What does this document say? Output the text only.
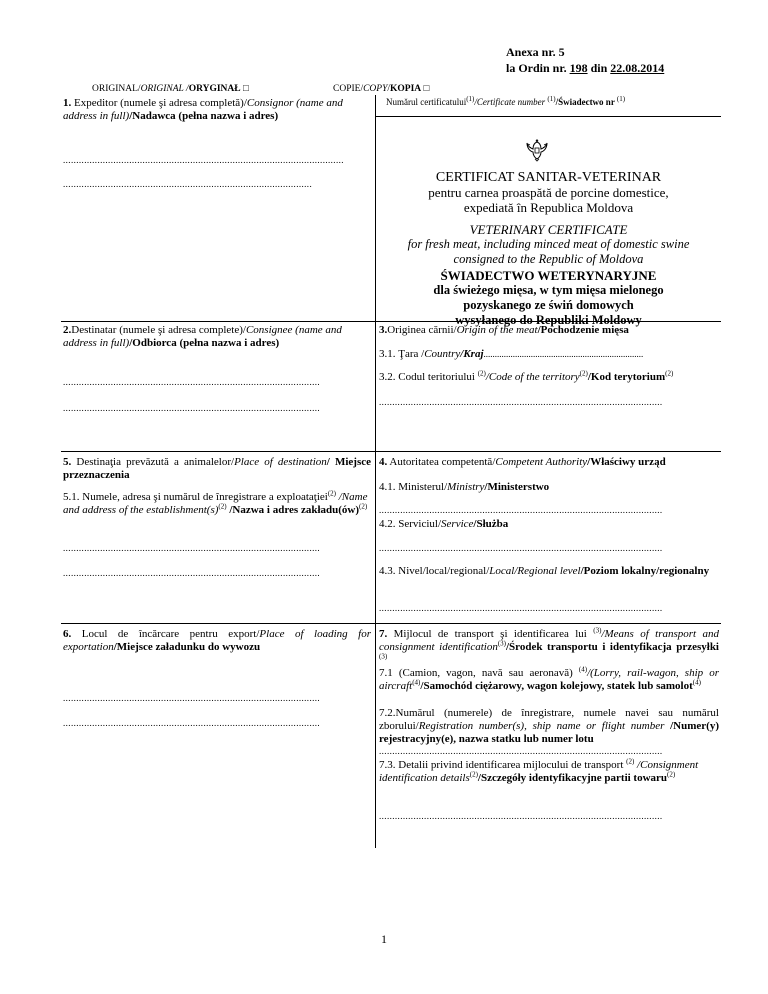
Anexa nr. 5
la Ordin nr. 198 din 22.08.2014
ORIGINAL/ORIGINAL /ORYGINAŁ □	COPIE/COPY/KOPIA □
1. Expeditor (numele şi adresa completă)/Consignor (name and address in full)/Nadawca (pełna nazwa i adres)
..........................................................................................................
..............................................................................................
Numărul certificatului$^{(1)}$/Certificate number $^{(1)}$/Świadectwo nr $^{(1)}$
CERTIFICAT SANITAR-VETERINAR
pentru carnea proaspătă de porcine domestice,
expediată în Republica Moldova
VETERINARY CERTIFICATE
for fresh meat, including minced meat of domestic swine
consigned to the Republic of Moldova
ŚWIADECTWO WETERYNARYJNE
dla świeżego mięsa, w tym mięsa mielonego
pozyskanego ze świń domowych
wysyłanego do Republiki Moldowy
2.Destinatar (numele şi adresa complete)/Consignee (name and address in full)/Odbiorca (pełna nazwa i adres)
.................................................................................................
.................................................................................................
3.Originea cărnii/Origin of the meat/Pochodzenie mięsa
3.1. Ţara /Country/Kraj.......................................................................
3.2. Codul teritoriului $^{(2)}$/Code of the territory$^{(2)}$/Kod terytorium$^{(2)}$
...........................................................................................................
5. Destinaţia prevăzută a animalelor/Place of destination/ Miejsce przeznaczenia
5.1. Numele, adresa şi numărul de înregistrare a exploataţiei$^{(2)}$ /Name and address of the $establishment(s)^{(2)}$ /Nazwa i adres zakładu(ów)$^{(2)}$
.................................................................................................
.................................................................................................
4. Autoritatea competentă/Competent Authority/Właściwy urząd
4.1. Ministerul/Ministry/Ministerstwo
...........................................................................................................
4.2. Serviciul/Service/Służba
...........................................................................................................
4.3. Nivel/local/regional/Local/Regional level/Poziom lokalny/regionalny
...........................................................................................................
6. Locul de încărcare pentru export/Place of loading for exportation/Miejsce załadunku do wywozu
.................................................................................................
.................................................................................................
7. Mijlocul de transport şi identificarea lui $^{(3)}$/Means of transport and consignment identification$^{(3)}$/Środek transportu i identyfikacja przesyłki $^{(3)}$
7.1 (Camion, vagon, navă sau aeronavă) $^{(4)}$/(Lorry, rail-wagon, ship or aircraft$^{(4)}$/Samochód ciężarowy, wagon kolejowy, statek lub samolot$^{(4)}$
7.2.Numărul (numerele) de înregistrare, numele navei sau numărul zborului/Registration number(s), ship name or flight number /Numer(y) rejestracyjny(e), nazwa statku lub numer lotu
...........................................................................................................
7.3. Detalii privind identificarea mijlocului de transport $^{(2)}$ /Consignment identification details$^{(2)}$/Szczegóły identyfikacyjne partii towaru$^{(2)}$
...........................................................................................................
1
